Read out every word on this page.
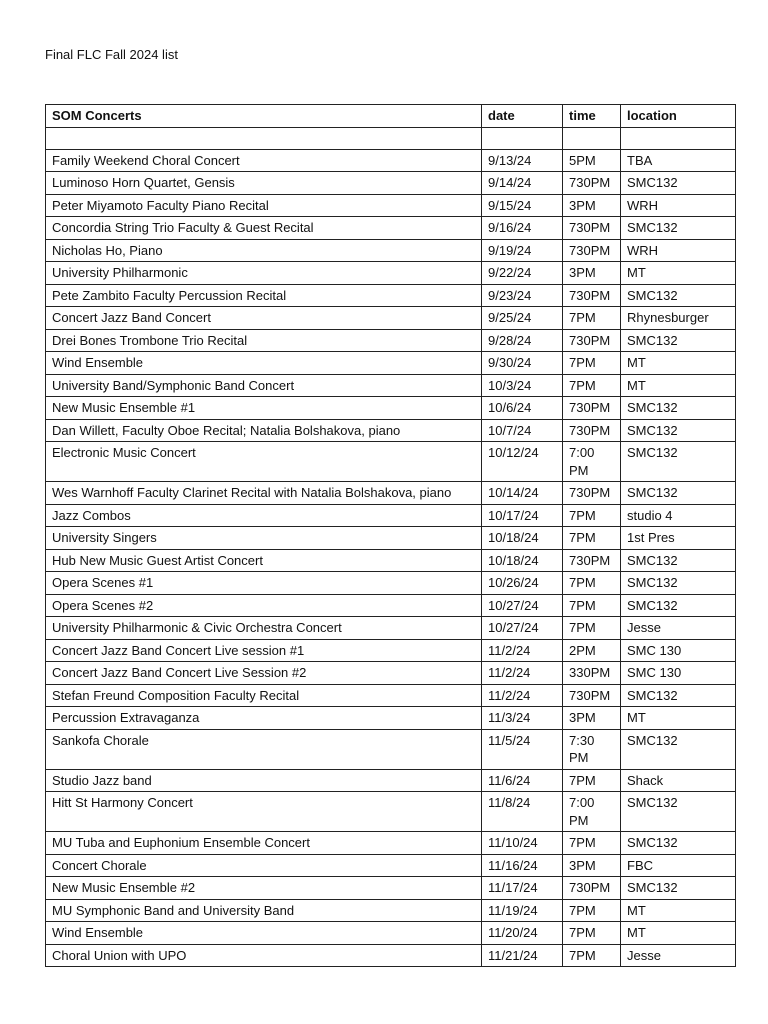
Final FLC Fall 2024 list
SOM Concerts	date	time	location

Family Weekend Choral Concert	9/13/24	5PM	TBA
Luminoso Horn Quartet, Gensis	9/14/24	730PM	SMC132
Peter Miyamoto Faculty Piano Recital	9/15/24	3PM	WRH
Concordia String Trio Faculty & Guest Recital	9/16/24	730PM	SMC132
Nicholas Ho, Piano	9/19/24	730PM	WRH
University Philharmonic	9/22/24	3PM	MT
Pete Zambito Faculty Percussion Recital	9/23/24	730PM	SMC132
Concert Jazz Band Concert	9/25/24	7PM	Rhynesburger
Drei Bones Trombone Trio Recital	9/28/24	730PM	SMC132
Wind Ensemble	9/30/24	7PM	MT
University Band/Symphonic Band Concert	10/3/24	7PM	MT
New Music Ensemble #1	10/6/24	730PM	SMC132
Dan Willett, Faculty Oboe Recital; Natalia Bolshakova, piano	10/7/24	730PM	SMC132
Electronic Music Concert	10/12/24	7:00 PM	SMC132
Wes Warnhoff Faculty Clarinet Recital with Natalia Bolshakova, piano	10/14/24	730PM	SMC132
Jazz Combos	10/17/24	7PM	studio 4
University Singers	10/18/24	7PM	1st Pres
Hub New Music Guest Artist Concert	10/18/24	730PM	SMC132
Opera Scenes #1	10/26/24	7PM	SMC132
Opera Scenes #2	10/27/24	7PM	SMC132
University Philharmonic & Civic Orchestra Concert	10/27/24	7PM	Jesse
Concert Jazz Band Concert Live session #1	11/2/24	2PM	SMC 130
Concert Jazz Band Concert Live Session #2	11/2/24	330PM	SMC 130
Stefan Freund Composition Faculty Recital	11/2/24	730PM	SMC132
Percussion Extravaganza	11/3/24	3PM	MT
Sankofa Chorale	11/5/24	7:30 PM	SMC132
Studio Jazz band	11/6/24	7PM	Shack
Hitt St Harmony Concert	11/8/24	7:00 PM	SMC132
MU Tuba and Euphonium Ensemble Concert	11/10/24	7PM	SMC132
Concert Chorale	11/16/24	3PM	FBC
New Music Ensemble #2	11/17/24	730PM	SMC132
MU Symphonic Band and University Band	11/19/24	7PM	MT
Wind Ensemble	11/20/24	7PM	MT
Choral Union with UPO	11/21/24	7PM	Jesse
